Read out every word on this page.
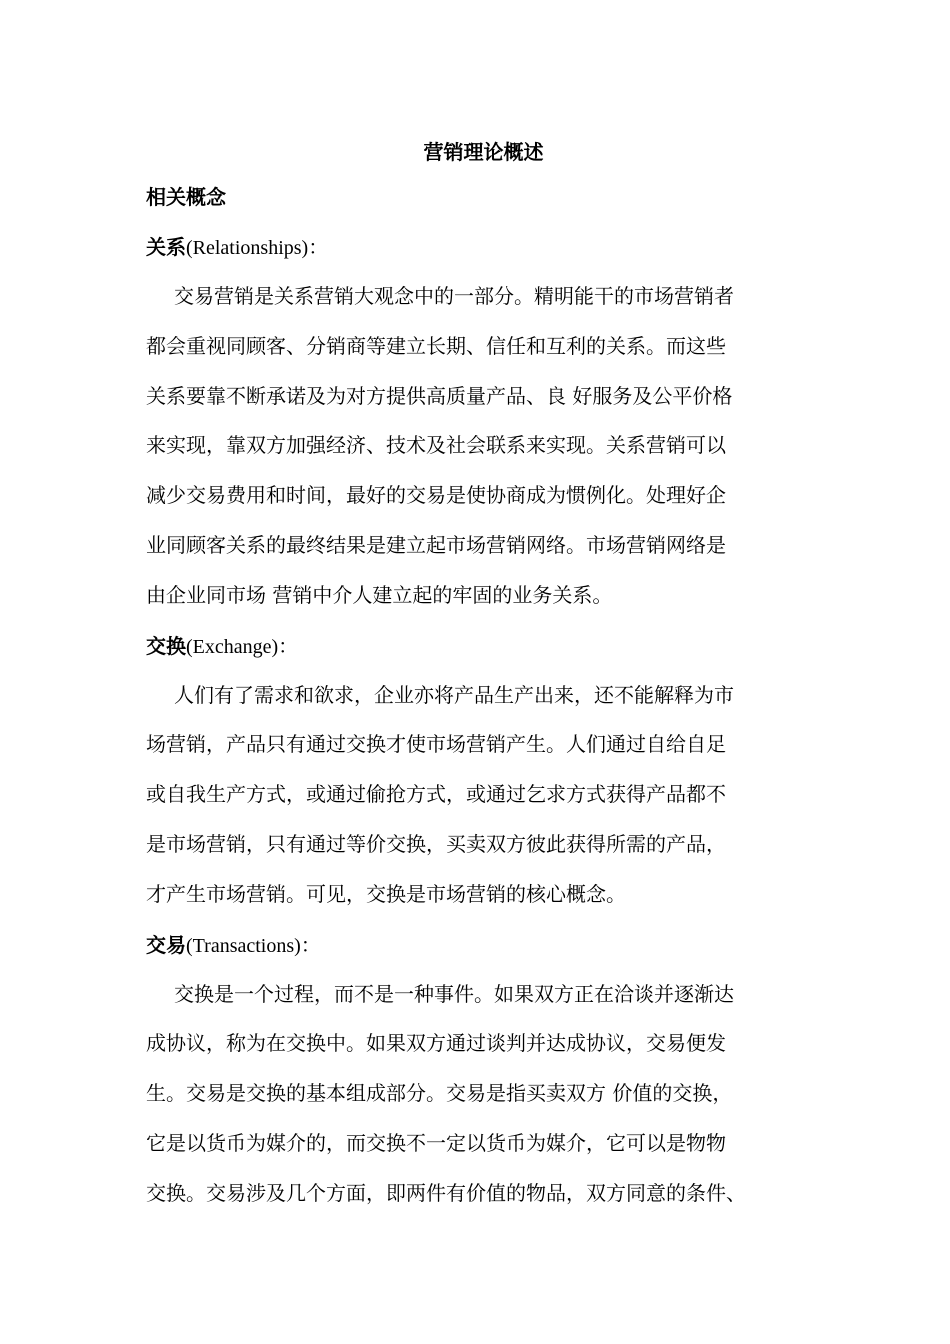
营销理论概述

相关概念

关系(Relationships)：

交易营销是关系营销大观念中的一部分。精明能干的市场营销者
都会重视同顾客、分销商等建立长期、信任和互利的关系。而这些
关系要靠不断承诺及为对方提供高质量产品、良 好服务及公平价格
来实现，靠双方加强经济、技术及社会联系来实现。关系营销可以
减少交易费用和时间，最好的交易是使协商成为惯例化。处理好企
业同顾客关系的最终结果是建立起市场营销网络。市场营销网络是
由企业同市场 营销中介人建立起的牢固的业务关系。

交换(Exchange)：

人们有了需求和欲求，企业亦将产品生产出来，还不能解释为市
场营销，产品只有通过交换才使市场营销产生。人们通过自给自足
或自我生产方式，或通过偷抢方式，或通过乞求方式获得产品都不
是市场营销，只有通过等价交换，买卖双方彼此获得所需的产品，
才产生市场营销。可见，交换是市场营销的核心概念。

交易(Transactions)：

交换是一个过程，而不是一种事件。如果双方正在洽谈并逐渐达
成协议，称为在交换中。如果双方通过谈判并达成协议，交易便发
生。交易是交换的基本组成部分。交易是指买卖双方 价值的交换，
它是以货币为媒介的，而交换不一定以货币为媒介，它可以是物物
交换。交易涉及几个方面，即两件有价值的物品，双方同意的条件、
